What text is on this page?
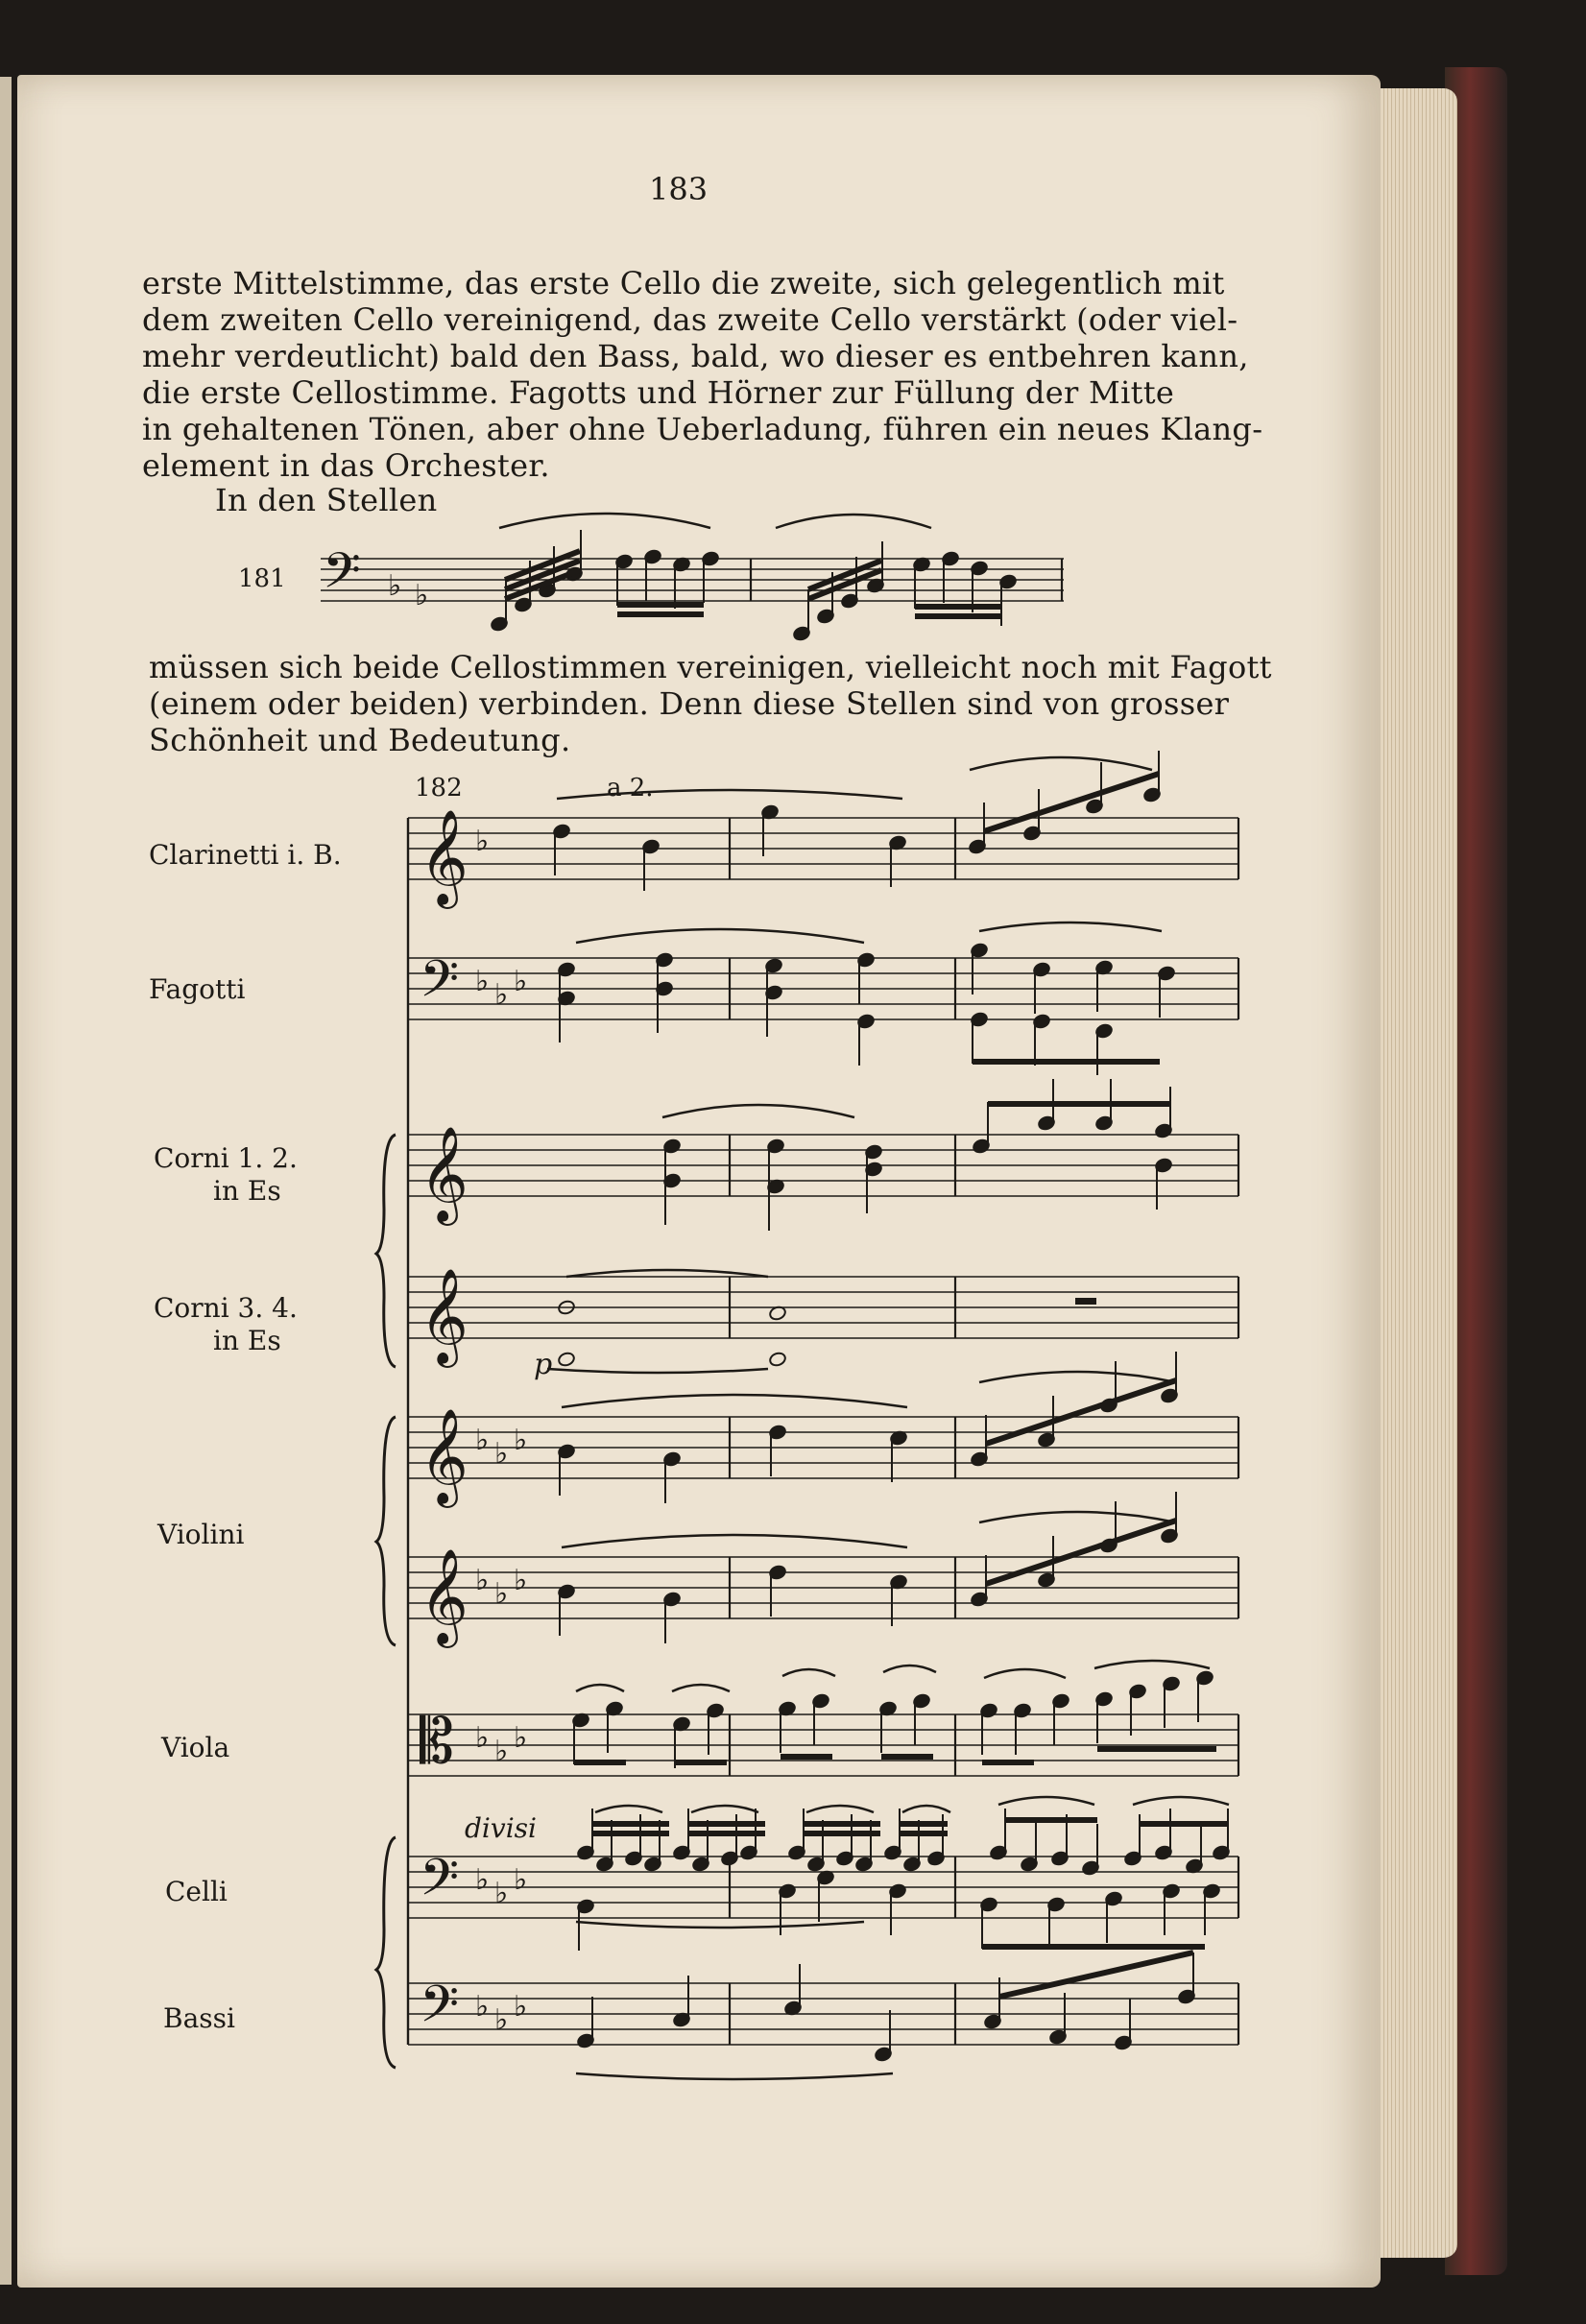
183
erste Mittelstimme, das erste Cello die zweite, sich gelegentlich mit
dem zweiten Cello vereinigend, das zweite Cello verstärkt (oder viel-
mehr verdeutlicht) bald den Bass, bald, wo dieser es entbehren kann,
die erste Cellostimme. Fagotts und Hörner zur Füllung der Mitte
in gehaltenen Tönen, aber ohne Ueberladung, führen ein neues Klang-
element in das Orchester.
In den Stellen
181
müssen sich beide Cellostimmen vereinigen, vielleicht noch mit Fagott
(einem oder beiden) verbinden. Denn diese Stellen sind von grosser
Schönheit und Bedeutung.
182	a 2.
Clarinetti i. B.
Fagotti
Corni 1. 2.
in Es
Corni 3. 4.
in Es
Violini
Viola
Celli
Bassi
p
divisi
𝄢 ♭ ♭
𝄞 ♭
𝄢 ♭ ♭ ♭
𝄞
𝄞
𝄞 ♭ ♭ ♭
𝄞 ♭ ♭ ♭
𝄡 ♭ ♭ ♭
𝄢 ♭ ♭ ♭
𝄢 ♭ ♭ ♭
